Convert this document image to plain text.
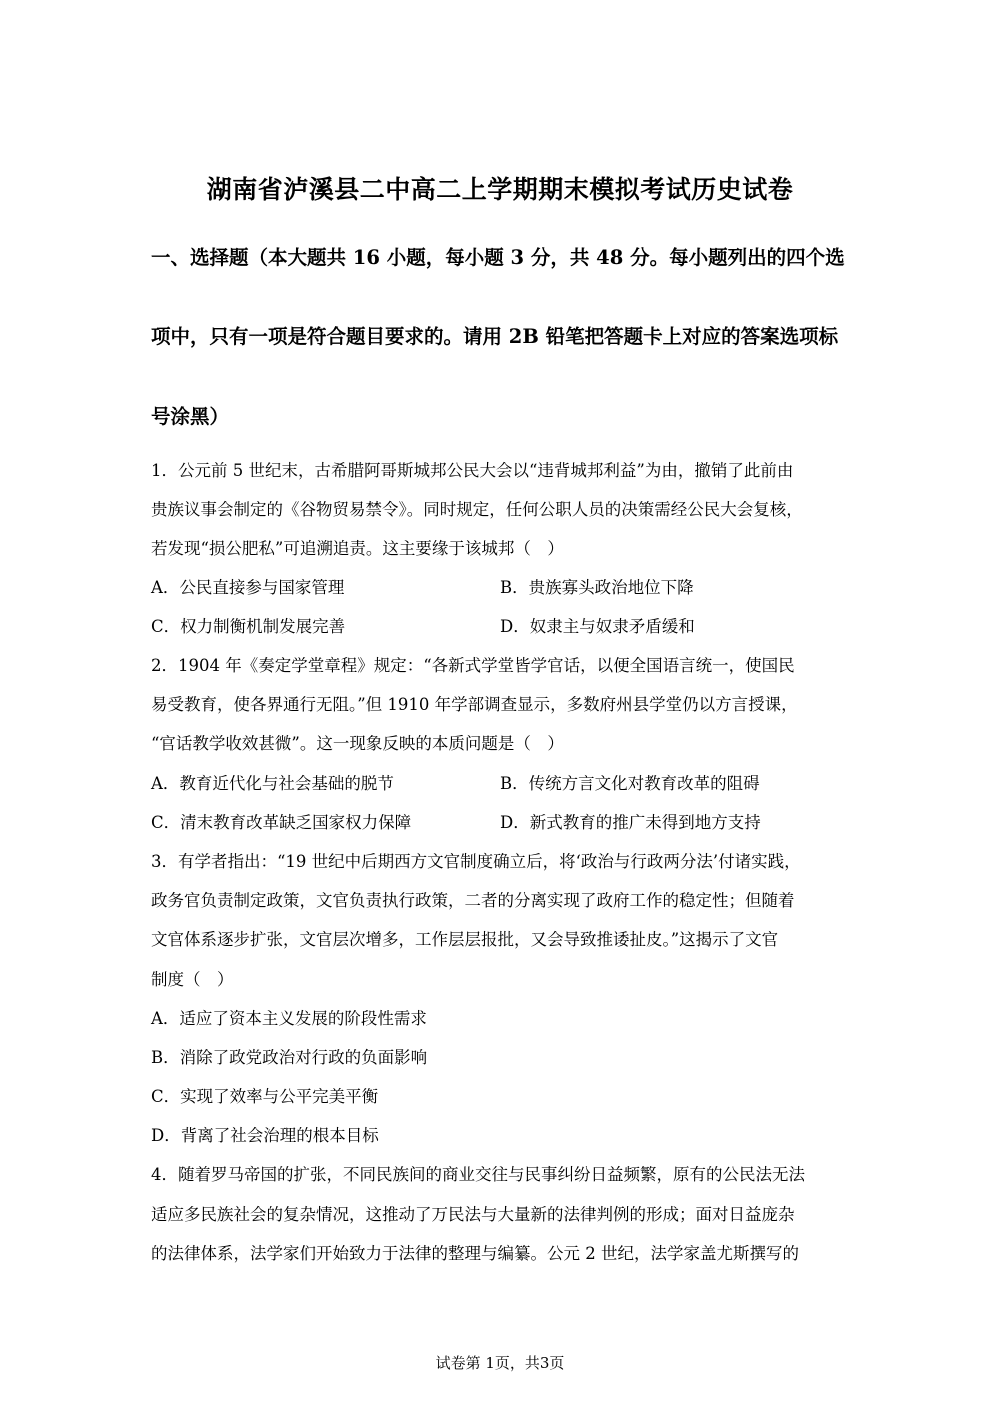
湖南省泸溪县二中高二上学期期末模拟考试历史试卷
一、选择题（本大题共 16 小题，每小题 3 分，共 48 分。每小题列出的四个选
项中，只有一项是符合题目要求的。请用 2B 铅笔把答题卡上对应的答案选项标
号涂黑）
1．公元前 5 世纪末，古希腊阿哥斯城邦公民大会以“违背城邦利益”为由，撤销了此前由
贵族议事会制定的《谷物贸易禁令》。同时规定，任何公职人员的决策需经公民大会复核，
若发现“损公肥私”可追溯追责。这主要缘于该城邦（　）
A．公民直接参与国家管理	B．贵族寡头政治地位下降
C．权力制衡机制发展完善	D．奴隶主与奴隶矛盾缓和
2．1904 年《奏定学堂章程》规定：“各新式学堂皆学官话，以便全国语言统一，使国民
易受教育，使各界通行无阻。”但 1910 年学部调查显示，多数府州县学堂仍以方言授课，
“官话教学收效甚微”。这一现象反映的本质问题是（　）
A．教育近代化与社会基础的脱节	B．传统方言文化对教育改革的阻碍
C．清末教育改革缺乏国家权力保障	D．新式教育的推广未得到地方支持
3．有学者指出：“19 世纪中后期西方文官制度确立后，将‘政治与行政两分法’付诸实践，
政务官负责制定政策，文官负责执行政策，二者的分离实现了政府工作的稳定性；但随着
文官体系逐步扩张，文官层次增多，工作层层报批，又会导致推诿扯皮。”这揭示了文官
制度（　）
A．适应了资本主义发展的阶段性需求
B．消除了政党政治对行政的负面影响
C．实现了效率与公平完美平衡
D．背离了社会治理的根本目标
4．随着罗马帝国的扩张，不同民族间的商业交往与民事纠纷日益频繁，原有的公民法无法
适应多民族社会的复杂情况，这推动了万民法与大量新的法律判例的形成；面对日益庞杂
的法律体系，法学家们开始致力于法律的整理与编纂。公元 2 世纪，法学家盖尤斯撰写的
试卷第 1页，共3页
